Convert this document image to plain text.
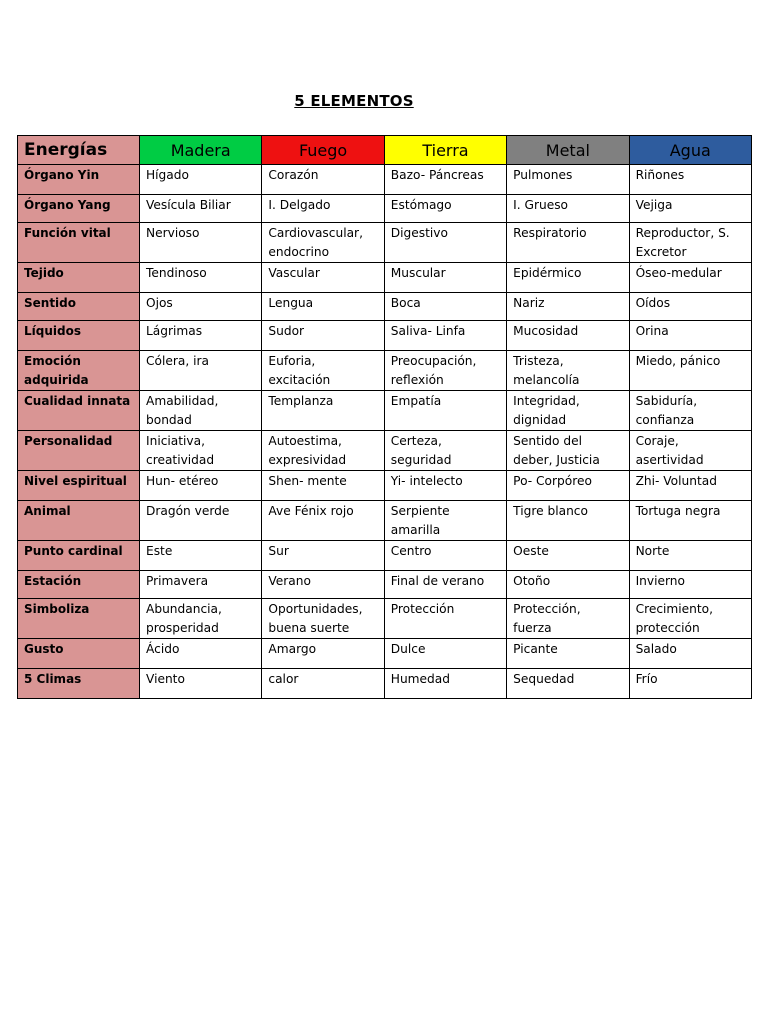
5 ELEMENTOS
Energías	Madera	Fuego	Tierra	Metal	Agua
Órgano Yin	Hígado	Corazón	Bazo- Páncreas	Pulmones	Riñones
Órgano Yang	Vesícula Biliar	I. Delgado	Estómago	I. Grueso	Vejiga
Función vital	Nervioso	Cardiovascular, endocrino	Digestivo	Respiratorio	Reproductor, S. Excretor
Tejido	Tendinoso	Vascular	Muscular	Epidérmico	Óseo-medular
Sentido	Ojos	Lengua	Boca	Nariz	Oídos
Líquidos	Lágrimas	Sudor	Saliva- Linfa	Mucosidad	Orina
Emoción adquirida	Cólera, ira	Euforia, excitación	Preocupación, reflexión	Tristeza, melancolía	Miedo, pánico
Cualidad innata	Amabilidad, bondad	Templanza	Empatía	Integridad, dignidad	Sabiduría, confianza
Personalidad	Iniciativa, creatividad	Autoestima, expresividad	Certeza, seguridad	Sentido del deber, Justicia	Coraje, asertividad
Nivel espiritual	Hun- etéreo	Shen- mente	Yi- intelecto	Po- Corpóreo	Zhi- Voluntad
Animal	Dragón verde	Ave Fénix rojo	Serpiente amarilla	Tigre blanco	Tortuga negra
Punto cardinal	Este	Sur	Centro	Oeste	Norte
Estación	Primavera	Verano	Final de verano	Otoño	Invierno
Simboliza	Abundancia, prosperidad	Oportunidades, buena suerte	Protección	Protección, fuerza	Crecimiento, protección
Gusto	Ácido	Amargo	Dulce	Picante	Salado
5 Climas	Viento	calor	Humedad	Sequedad	Frío
